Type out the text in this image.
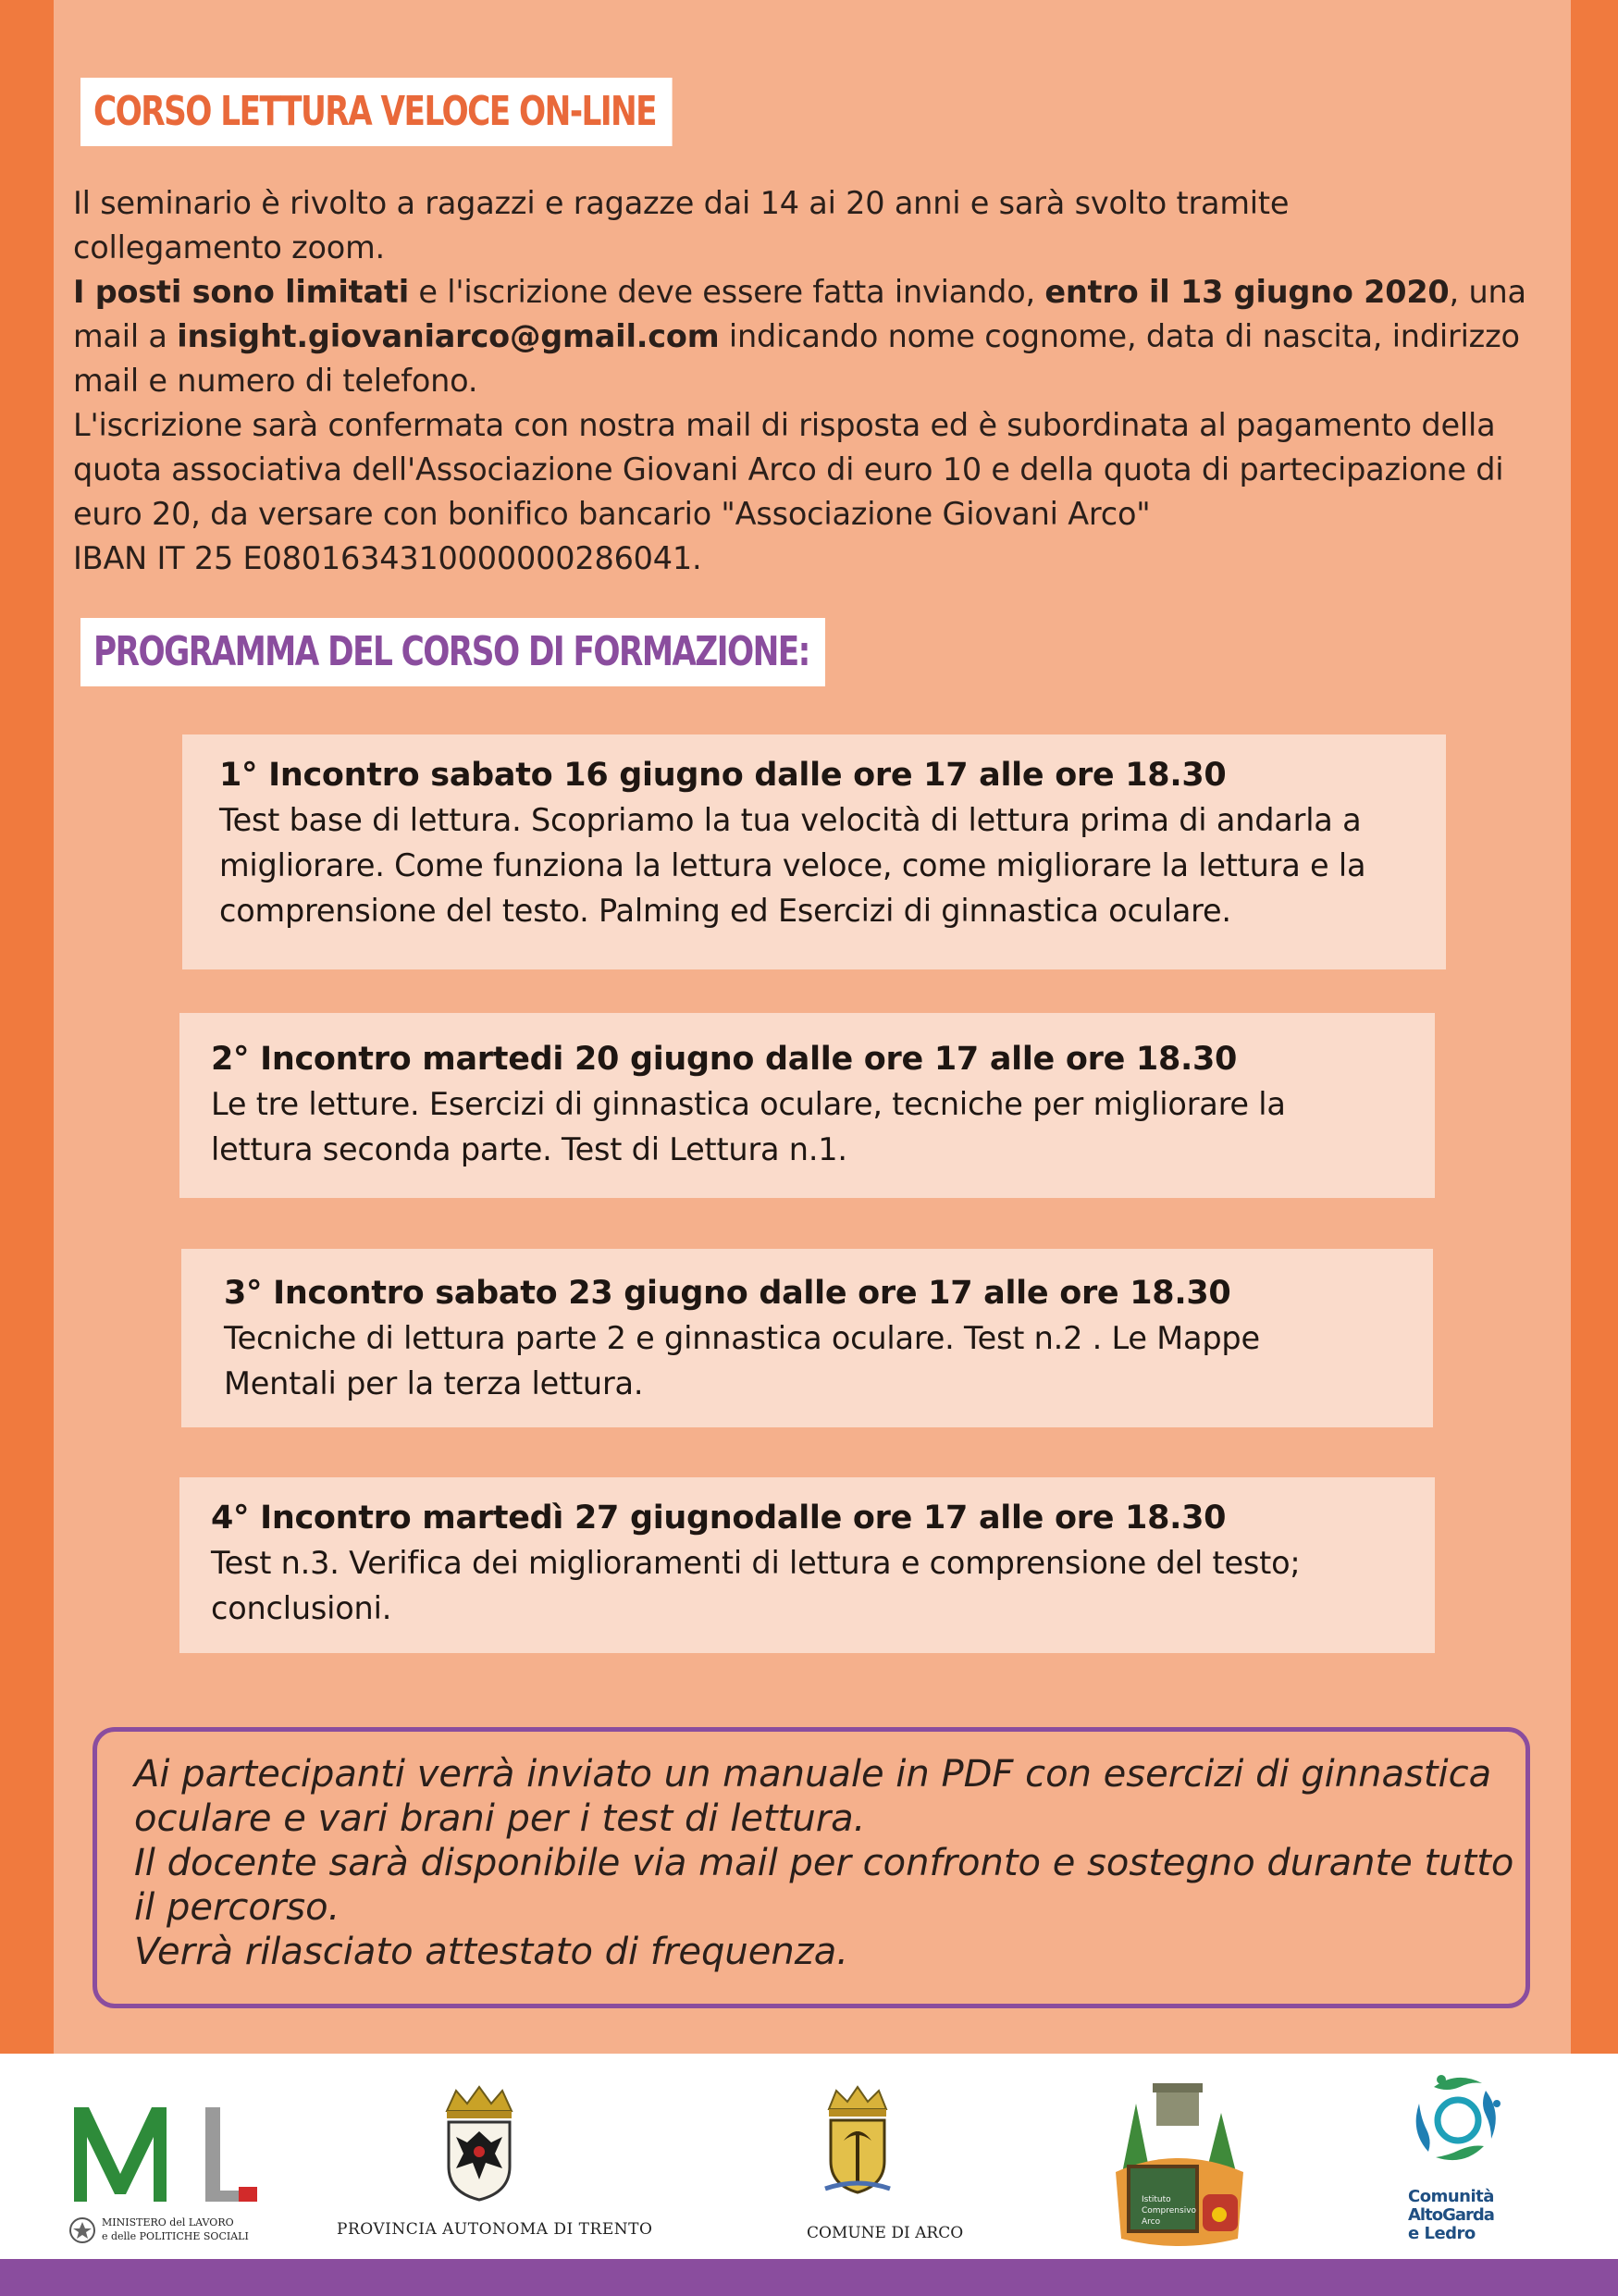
CORSO LETTURA VELOCE ON-LINE
PROGRAMMA DEL CORSO DI FORMAZIONE:
Il seminario è rivolto a ragazzi e ragazze dai 14 ai 20 anni e sarà svolto tramite collegamento zoom.
I posti sono limitati e l'iscrizione deve essere fatta inviando, entro il 13 giugno 2020, una mail a insight.giovaniarco@gmail.com indicando nome cognome, data di nascita, indirizzo mail e numero di telefono.
L'iscrizione sarà confermata con nostra mail di risposta ed è subordinata al pagamento della quota associativa dell'Associazione Giovani Arco di euro 10 e della quota di partecipazione di euro 20, da versare con bonifico bancario "Associazione Giovani Arco"
IBAN IT 25 E0801634310000000286041.
1° Incontro sabato 16 giugno dalle ore 17 alle ore 18.30
Test base di lettura. Scopriamo la tua velocità di lettura prima di andarla a
migliorare. Come funziona la lettura veloce, come migliorare la lettura e la
comprensione del testo. Palming ed Esercizi di ginnastica oculare.
2° Incontro martedi 20 giugno dalle ore 17 alle ore 18.30
Le tre letture. Esercizi di ginnastica oculare, tecniche per migliorare la
lettura seconda parte. Test di Lettura n.1.
3° Incontro sabato 23 giugno dalle ore 17 alle ore 18.30
Tecniche di lettura parte 2 e ginnastica oculare. Test n.2 . Le Mappe
Mentali per la terza lettura.
4° Incontro martedì 27 giugnodalle ore 17 alle ore 18.30
Test n.3. Verifica dei miglioramenti di lettura e comprensione del testo;
conclusioni.
Ai partecipanti verrà inviato un manuale in PDF con esercizi di ginnastica
oculare e vari brani per i test di lettura.
Il docente sarà disponibile via mail per confronto e sostegno durante tutto
il percorso.
Verrà rilasciato attestato di frequenza.
MINISTERO del LAVORO
e delle POLITICHE SOCIALI	PROVINCIA AUTONOMA DI TRENTO	COMUNE DI ARCO
Istituto Comprensivo Arco
Comunità
AltoGarda
e Ledro
